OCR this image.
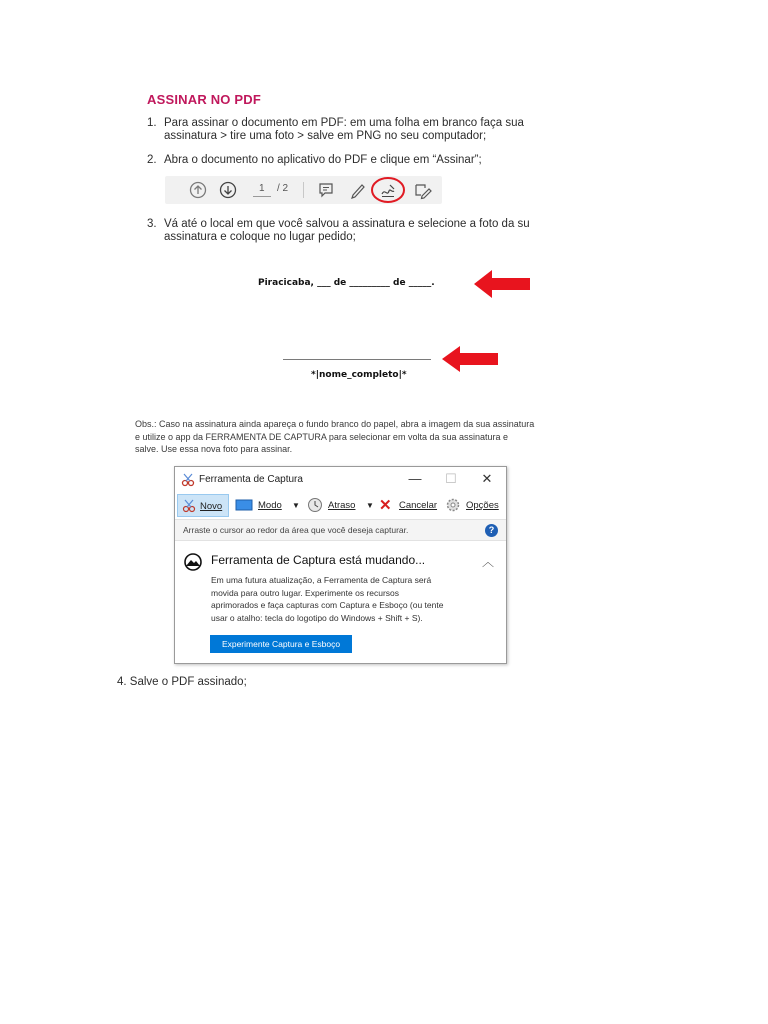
ASSINAR NO PDF
1. Para assinar o documento em PDF: em uma folha em branco faça sua
assinatura > tire uma foto > salve em PNG no seu computador;
2. Abra o documento no aplicativo do PDF e clique em “Assinar”;
1 / 2
3. Vá até o local em que você salvou a assinatura e selecione a foto da su
assinatura e coloque no lugar pedido;
Piracicaba, ___ de _________ de _____.
*|nome_completo|*
Obs.: Caso na assinatura ainda apareça o fundo branco do papel, abra a imagem da sua assinatura
e utilize o app da FERRAMENTA DE CAPTURA para selecionar em volta da sua assinatura e
salve. Use essa nova foto para assinar.
Ferramenta de Captura	—	☐	✕
Novo	Modo ▼	Atraso ▼ ✕ Cancelar	Opções
Arraste o cursor ao redor da área que você deseja capturar.	?
Ferramenta de Captura está mudando...	︿
Em uma futura atualização, a Ferramenta de Captura será
movida para outro lugar. Experimente os recursos
aprimorados e faça capturas com Captura e Esboço (ou tente
usar o atalho: tecla do logotipo do Windows + Shift + S).
Experimente Captura e Esboço
4. Salve o PDF assinado;
